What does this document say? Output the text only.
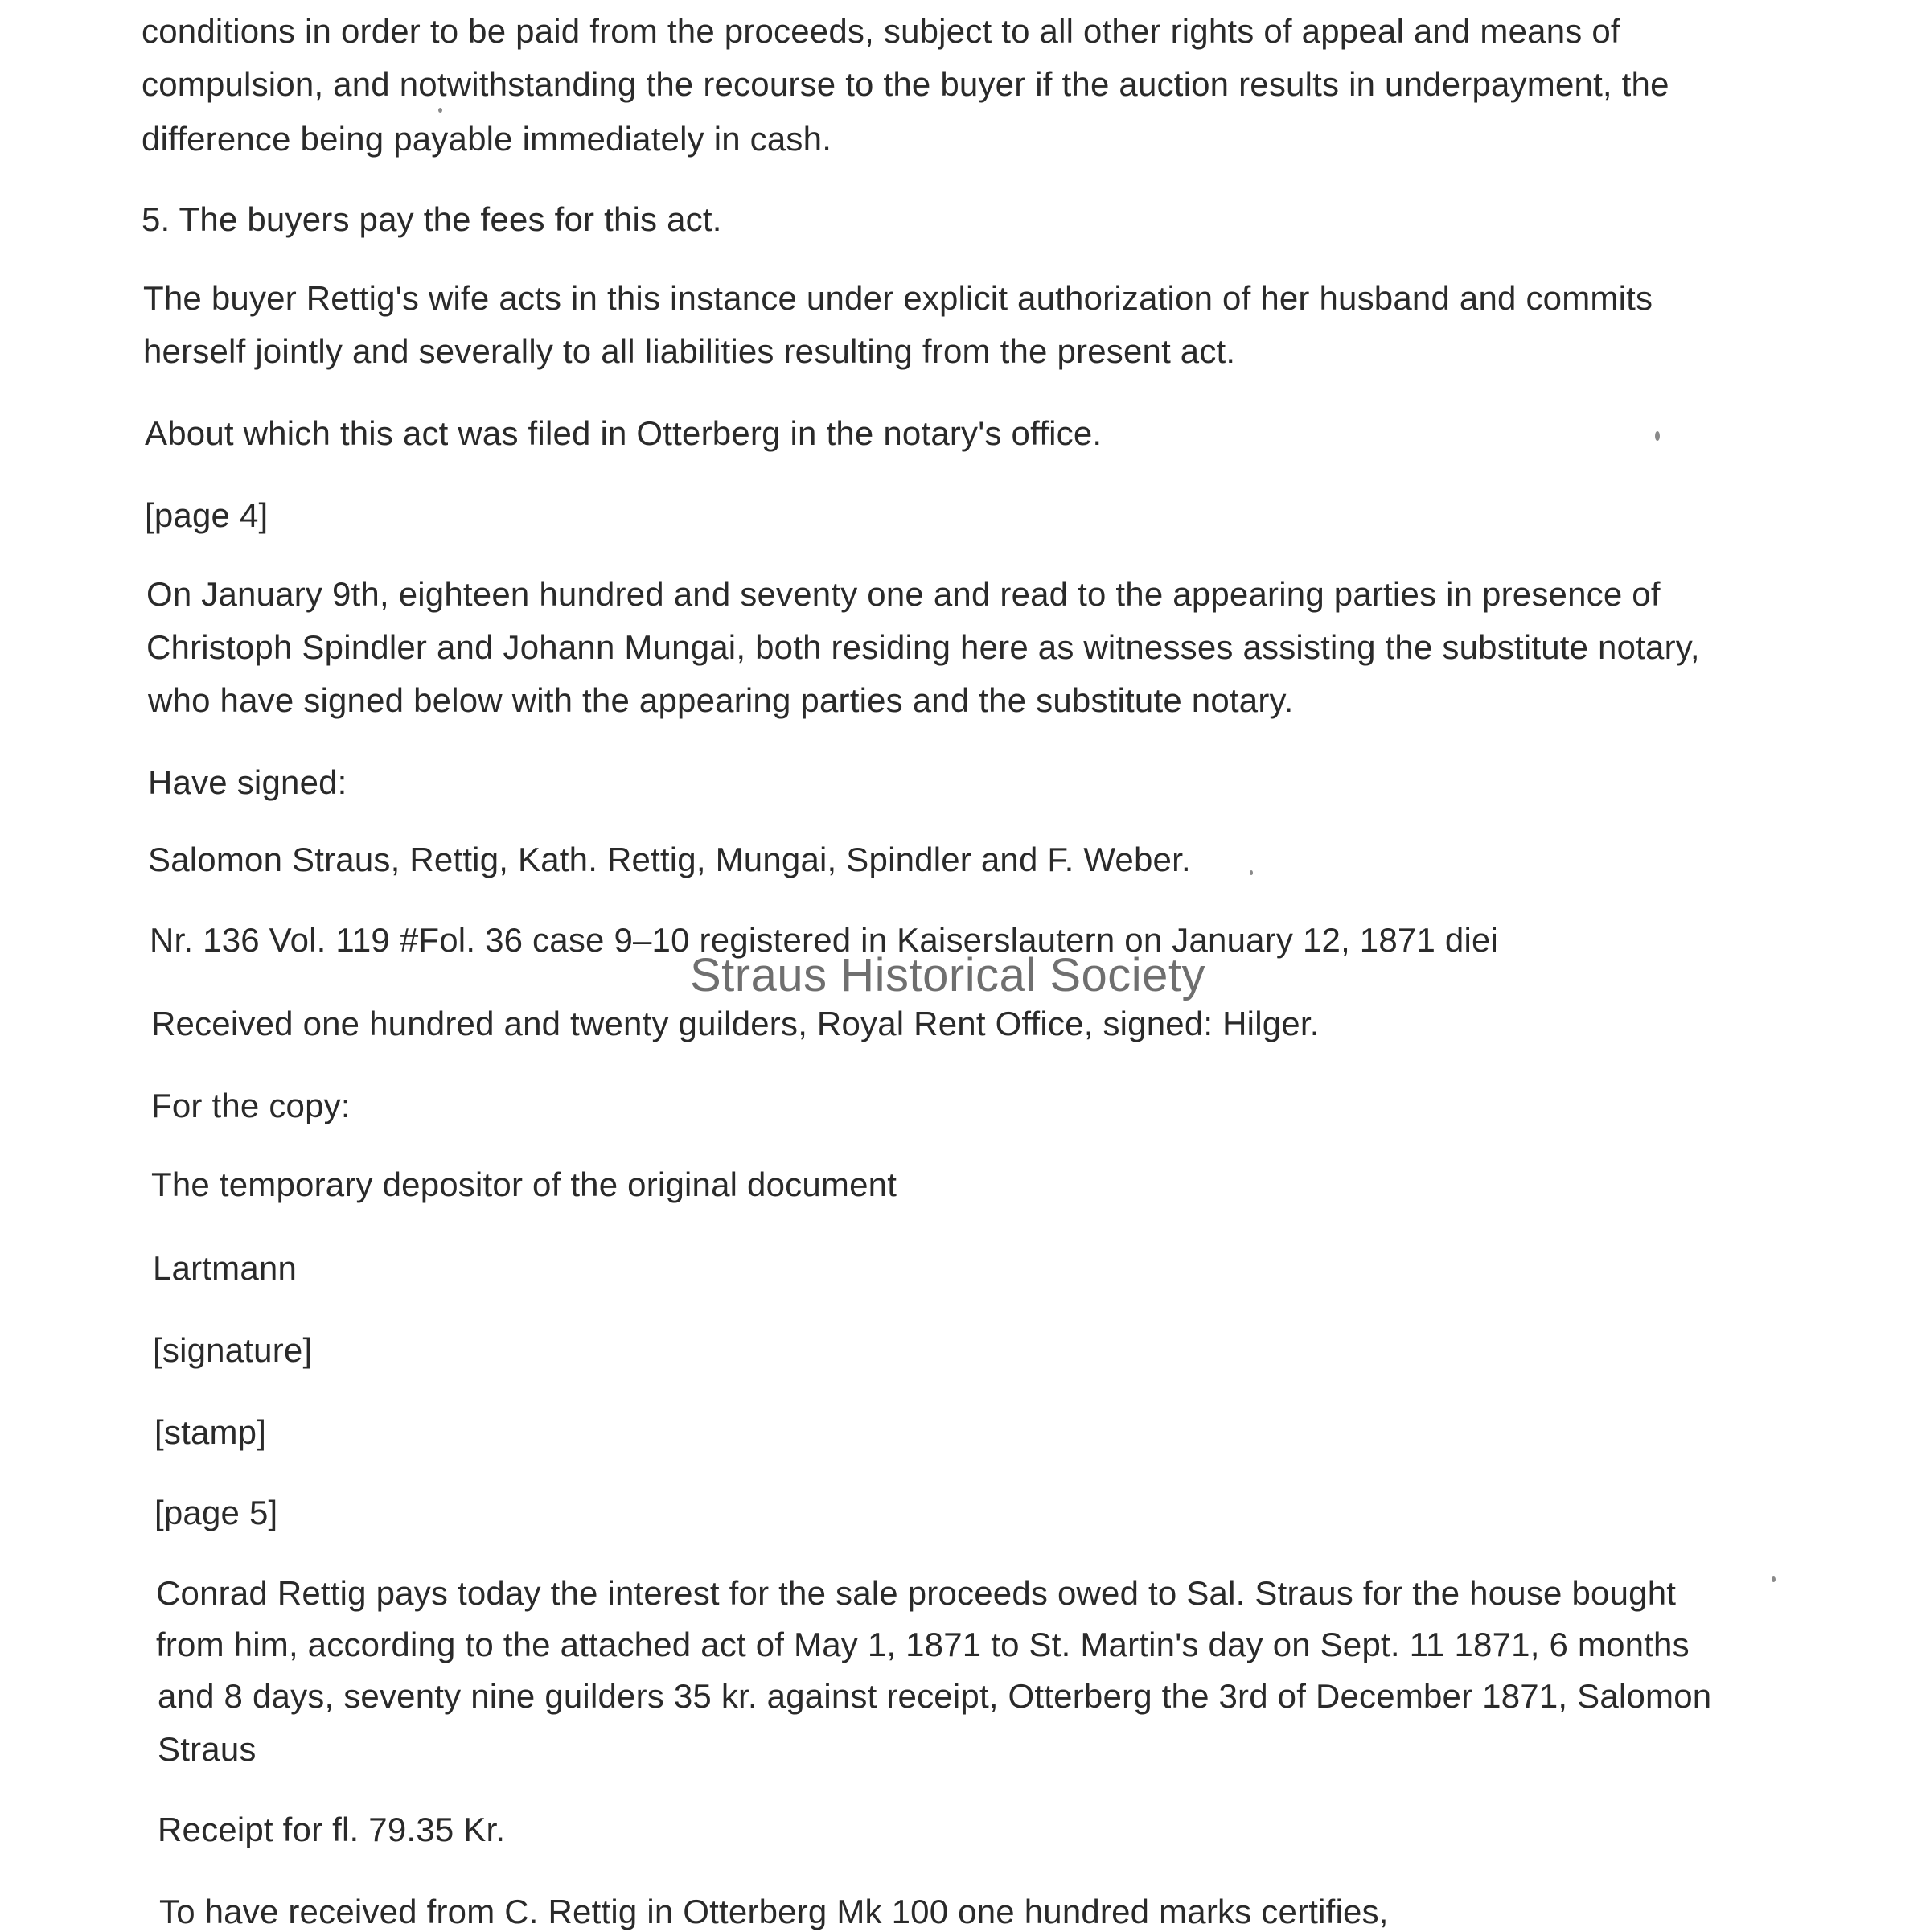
conditions in order to be paid from the proceeds, subject to all other rights of appeal and means of
compulsion, and notwithstanding the recourse to the buyer if the auction results in underpayment, the
difference being payable immediately in cash.
5. The buyers pay the fees for this act.
The buyer Rettig's wife acts in this instance under explicit authorization of her husband and commits
herself jointly and severally to all liabilities resulting from the present act.
About which this act was filed in Otterberg in the notary's office.
[page 4]
On January 9th, eighteen hundred and seventy one and read to the appearing parties in presence of
Christoph Spindler and Johann Mungai, both residing here as witnesses assisting the substitute notary,
who have signed below with the appearing parties and the substitute notary.
Have signed:
Salomon Straus, Rettig, Kath. Rettig, Mungai, Spindler and F. Weber.
Nr. 136 Vol. 119 #Fol. 36 case 9–10 registered in Kaiserslautern on January 12, 1871 diei
Received one hundred and twenty guilders, Royal Rent Office, signed: Hilger.
For the copy:
The temporary depositor of the original document
Lartmann
[signature]
[stamp]
[page 5]
Conrad Rettig pays today the interest for the sale proceeds owed to Sal. Straus for the house bought
from him, according to the attached act of May 1, 1871 to St. Martin's day on Sept. 11 1871, 6 months
and 8 days, seventy nine guilders 35 kr. against receipt, Otterberg the 3rd of December 1871, Salomon
Straus
Receipt for fl. 79.35 Kr.
To have received from C. Rettig in Otterberg Mk 100 one hundred marks certifies,
Straus Historical Society
